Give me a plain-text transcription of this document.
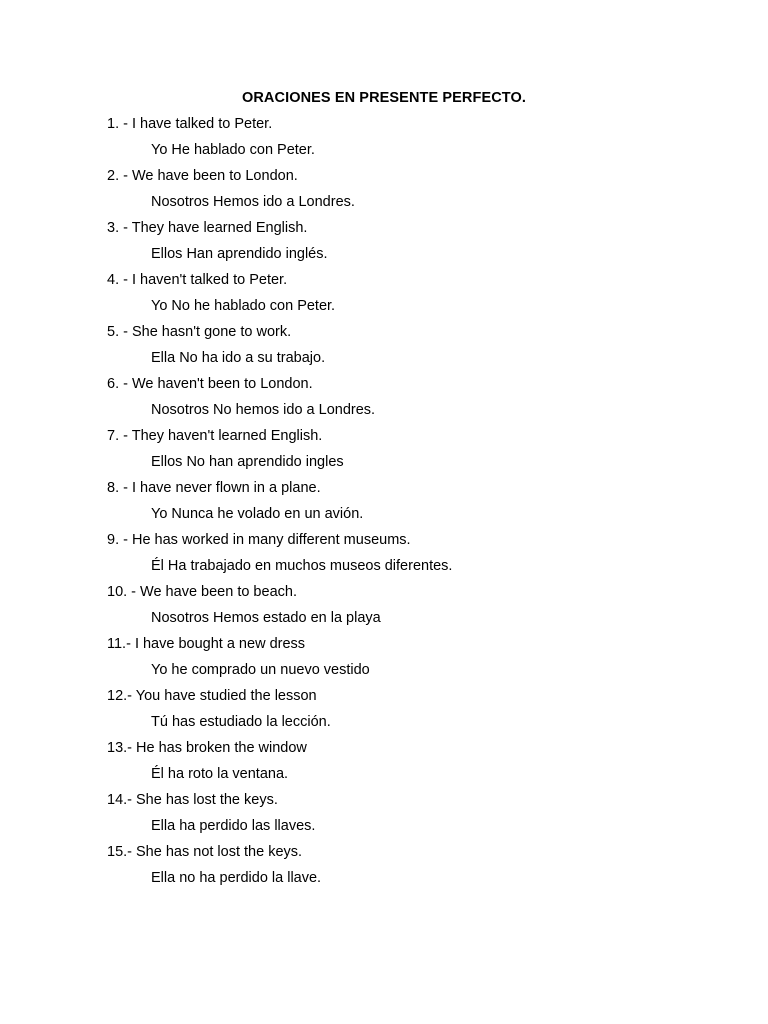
ORACIONES EN PRESENTE PERFECTO.
1. - I have talked to Peter.
Yo He hablado con Peter.
2. - We have been to London.
Nosotros Hemos ido a Londres.
3. - They have learned English.
Ellos Han aprendido inglés.
4. - I haven't talked to Peter.
Yo No he hablado con Peter.
5. - She hasn't gone to work.
Ella No ha ido a su trabajo.
6. - We haven't been to London.
Nosotros No hemos ido a Londres.
7. - They haven't learned English.
Ellos No han aprendido ingles
8. - I have never flown in a plane.
Yo Nunca he volado en un avión.
9. - He has worked in many different museums.
Él Ha trabajado en muchos museos diferentes.
10. - We have been to beach.
Nosotros Hemos estado en la playa
11.- I have bought a new dress
Yo he comprado un nuevo vestido
12.- You have studied the lesson
Tú has estudiado la lección.
13.- He has broken the window
Él ha roto la ventana.
14.- She has lost the keys.
Ella ha perdido las llaves.
15.- She has not lost the keys.
Ella no ha perdido la llave.
